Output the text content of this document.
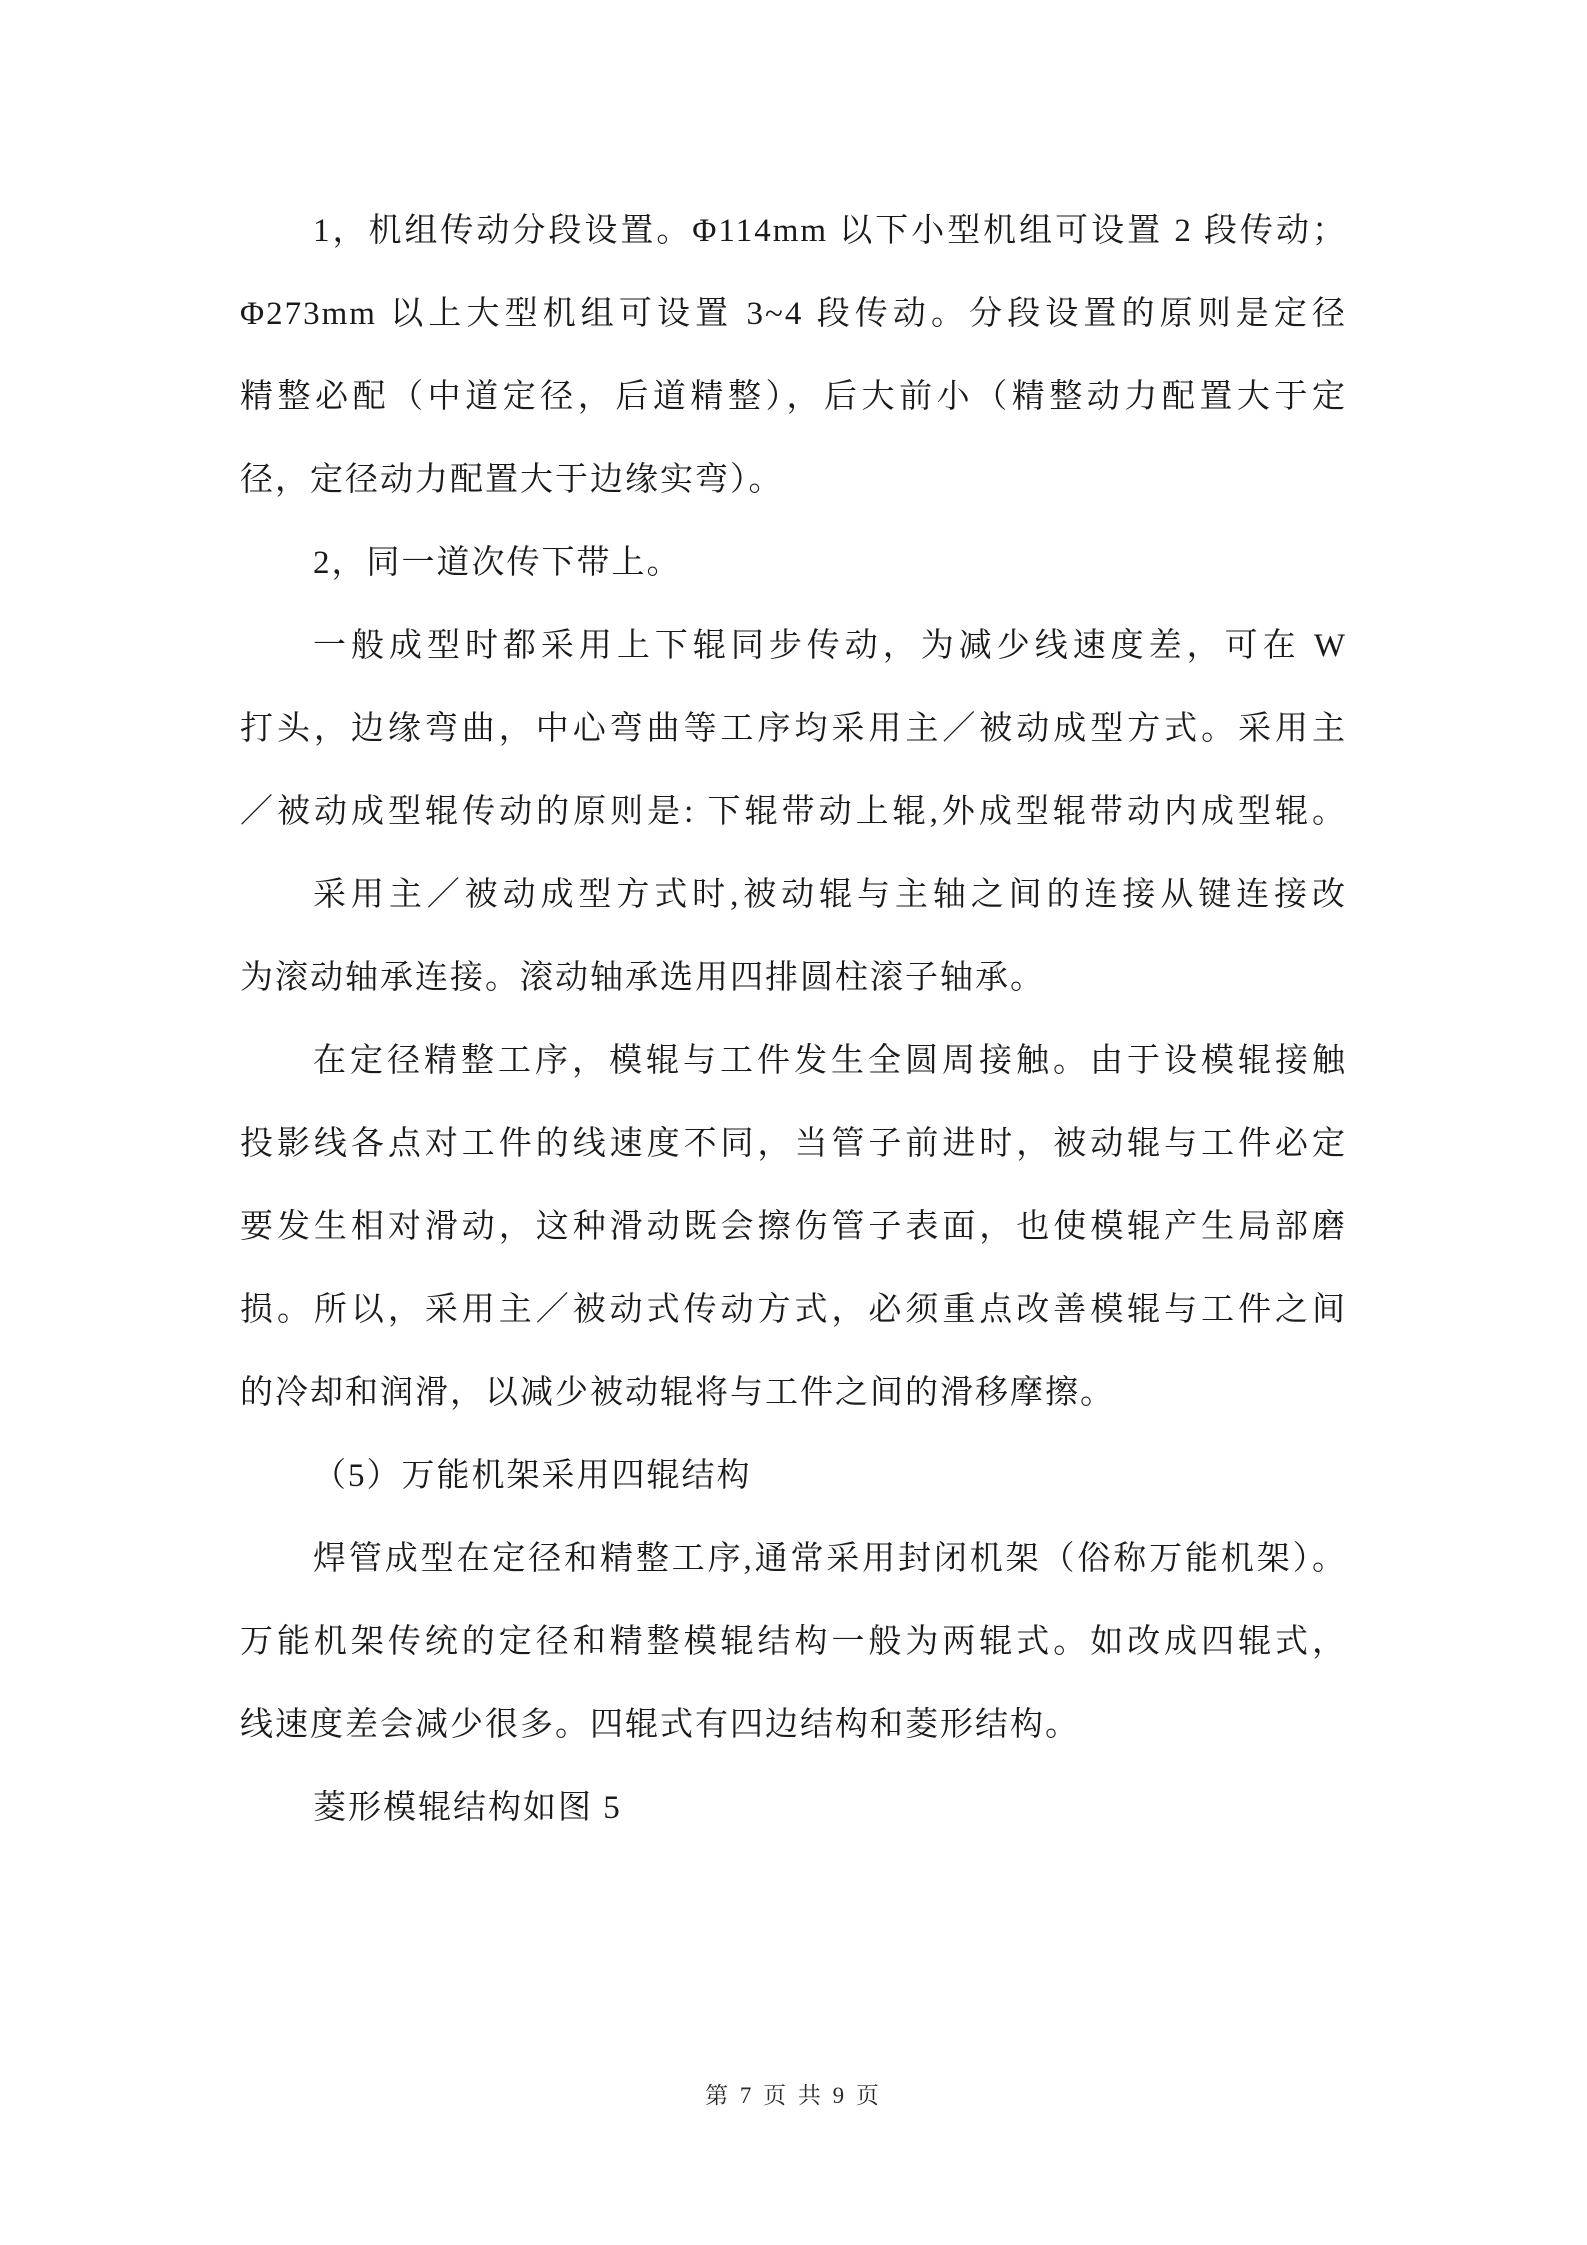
1，机组传动分段设置。Φ114mm 以下小型机组可设置 2 段传动；
Φ273mm 以上大型机组可设置 3~4 段传动。分段设置的原则是定径
精整必配（中道定径，后道精整），后大前小（精整动力配置大于定
径，定径动力配置大于边缘实弯）。
2，同一道次传下带上。
一般成型时都采用上下辊同步传动，为减少线速度差，可在 W
打头，边缘弯曲，中心弯曲等工序均采用主／被动成型方式。采用主
／被动成型辊传动的原则是: 下辊带动上辊,外成型辊带动内成型辊。
采用主／被动成型方式时,被动辊与主轴之间的连接从键连接改
为滚动轴承连接。滚动轴承选用四排圆柱滚子轴承。
在定径精整工序，模辊与工件发生全圆周接触。由于设模辊接触
投影线各点对工件的线速度不同，当管子前进时，被动辊与工件必定
要发生相对滑动，这种滑动既会擦伤管子表面，也使模辊产生局部磨
损。所以，采用主／被动式传动方式，必须重点改善模辊与工件之间
的冷却和润滑，以减少被动辊将与工件之间的滑移摩擦。
（5）万能机架采用四辊结构
焊管成型在定径和精整工序,通常采用封闭机架（俗称万能机架）。
万能机架传统的定径和精整模辊结构一般为两辊式。如改成四辊式，
线速度差会减少很多。四辊式有四边结构和菱形结构。
菱形模辊结构如图 5
第 7 页 共 9 页
